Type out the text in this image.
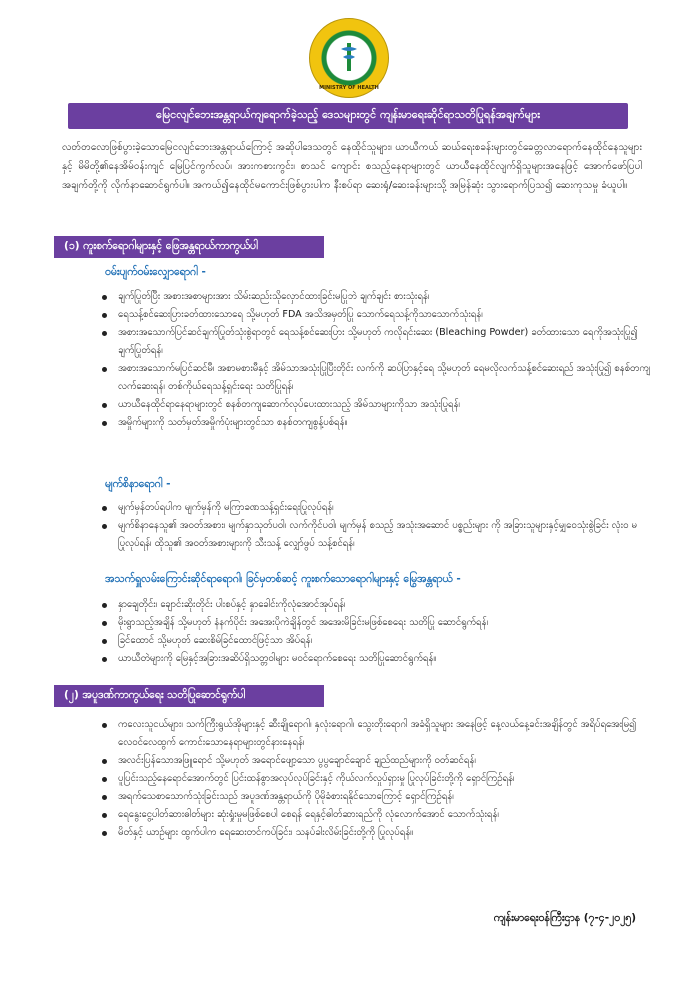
MINISTRY OF HEALTH
မြေငလျင်ဘေးအန္တရာယ်ကျရောက်ခဲ့သည့် ဒေသများတွင် ကျန်းမာရေးဆိုင်ရာသတိပြုရန်အချက်များ
လတ်တလောဖြစ်ပွားခဲ့သောမြေငလျင်ဘေးအန္တရာယ်ကြောင့် အဆိုပါဒေသတွင် နေထိုင်သူများ၊ ယာယီကယ် ဆယ်ရေးစခန်းများတွင်ခေတ္တလာရောက်နေထိုင်နေသူများနှင့် မိမိတို့၏နေအိမ်ဝန်းကျင် မြေပြင်ကွက်လပ်၊ အားကစားကွင်း၊ စာသင် ကျောင်း စသည့်နေရာများတွင် ယာယီနေထိုင်လျက်ရှိသူများအနေဖြင့် အောက်ဖော်ပြပါအချက်တို့ကို လိုက်နာဆောင်ရွက်ပါ။ အကယ်၍နေထိုင်မကောင်းဖြစ်ပွားပါက နီးစပ်ရာ ဆေးရုံ/ဆေးခန်းများသို့ အမြန်ဆုံး သွားရောက်ပြသ၍ ဆေးကုသမှု ခံယူပါ။
(၁) ကူးစက်ရောဂါများနှင့် ဖြေအန္တရာယ်ကာကွယ်ပါ
ဝမ်းပျက်ဝမ်းလျှောရောဂါ -
ချက်ပြုတ်ပြီး အစားအစာများအား သိမ်းဆည်းသိုလှောင်ထားခြင်းမပြုဘဲ ချက်ချင်း စားသုံးရန်၊
ရေသန့်စင်ဆေးပြားခတ်ထားသောရေ သို့မဟုတ် FDA အသိအမှတ်ပြု သောက်ရေသန့်ကိုသာသောက်သုံးရန်၊
အစားအသောက်ပြင်ဆင်ချက်ပြုတ်သုံးစွဲရာတွင် ရေသန့်စင်ဆေးပြား သို့မဟုတ် ကလိုရင်းဆေး (Bleaching Powder) ခတ်ထားသော ရေကိုအသုံးပြု၍ ချက်ပြုတ်ရန်၊
အစားအသောက်မပြင်ဆင်မီ၊ အစာမစားမီနှင့် အိမ်သာအသုံးပြုပြီးတိုင်း လက်ကို ဆပ်ပြာနှင့်ရေ သို့မဟုတ် ရေမလိုလက်သန့်စင်ဆေးရည် အသုံးပြု၍ စနစ်တကျလက်ဆေးရန်၊ တစ်ကိုယ်ရေသန့်ရှင်းရေး သတိပြုရန်၊
ယာယီနေထိုင်ရာနေရာများတွင် စနစ်တကျဆောက်လုပ်ပေးထားသည့် အိမ်သာများကိုသာ အသုံးပြုရန်၊
အမှိုက်များကို သတ်မှတ်အမှိုက်ပုံးများတွင်သာ စနစ်တကျစွန့်ပစ်ရန်။
မျက်စိနာရောဂါ -
မျက်မှန်တပ်ရပါက မျက်မှန်ကို မကြာခဏသန့်ရှင်းရေးပြုလုပ်ရန်၊
မျက်စိနာနေသူ၏ အဝတ်အစား၊ မျက်နှာသုတ်ပဝါ၊ လက်ကိုင်ပဝါ၊ မျက်မှန် စသည့် အသုံးအဆောင် ပစ္စည်းများ ကို အခြားသူများနှင့်မျှဝေသုံးစွဲခြင်း လုံးဝ မပြုလုပ်ရန်၊ ထိုသူ၏ အဝတ်အစားများကို သီးသန့် လျှော်ဖွပ် သန့်စင်ရန်၊
အသက်ရှူလမ်းကြောင်းဆိုင်ရာရောဂါ၊ ခြင်မှတစ်ဆင့် ကူးစက်သောရောဂါများနှင့် မြွေအန္တရာယ် -
နှာချေတိုင်း၊ ချောင်းဆိုးတိုင်း ပါးစပ်နှင့် နှာခေါင်းကိုလုံအောင်အုပ်ရန်၊
မိုးရွာသည့်အချိန် သို့မဟုတ် နံနက်ပိုင်း အအေးပိုကဲချိန်တွင် အအေးမိခြင်းမဖြစ်စေရေး သတိပြု ဆောင်ရွက်ရန်၊
ခြင်ထောင် သို့မဟုတ် ဆေးစိမ်ခြင်ထောင်ဖြင့်သာ အိပ်ရန်၊
ယာယီတဲများကို မြေနှင့်အခြားအဆိပ်ရှိသတ္တဝါများ မဝင်ရောက်စေရေး သတိပြုဆောင်ရွက်ရန်။
(၂) အပူဒဏ်ကာကွယ်ရေး သတိပြုဆောင်ရွက်ပါ
ကလေးသူငယ်များ၊ သက်ကြီးရွယ်အိုများနှင့် ဆီးချိုရောဂါ၊ နှလုံးရောဂါ၊ သွေးတိုးရောဂါ အခံရှိသူများ အနေဖြင့် နေ့လယ်နေ့ခင်းအချိန်တွင် အရိပ်ရအေးမြ၍ လေဝင်လေထွက် ကောင်းသောနေရာများတွင်နားနေရန်၊
အလင်းပြန်သောအဖြူရောင် သို့မဟုတ် အရောင်ဖျော့သော ပွပွချောင်ချောင် ချည်ထည်များကို ဝတ်ဆင်ရန်၊
ပူပြင်းသည့်နေရောင်အောက်တွင် ပြင်းထန်စွာအလုပ်လုပ်ခြင်းနှင့် ကိုယ်လက်လှုပ်ရှားမှု ပြုလုပ်ခြင်းတို့ကို ရှောင်ကြဉ်ရန်၊
အရက်သေစာသောက်သုံးခြင်းသည် အပူဒဏ်အန္တရာယ်ကို ပိုမိုခံစားရနိုင်သောကြောင့် ရှောင်ကြဉ်ရန်၊
ရေနွေးငွေ့ပါတ်ဆားဓါတ်များ ဆုံးရှုံးမှုမဖြစ်စေပါ စေရန် ရေနှင့်ဓါတ်ဆားရည်ကို လုံလောက်အောင် သောက်သုံးရန်၊
မိတ်နှင့် ယာဉ်များ ထွက်ပါက ရေဆေးတင်ကပ်ခြင်း၊ သနပ်ခါးလိမ်းခြင်းတို့ကို ပြုလုပ်ရန်။
ကျန်းမာရေးဝန်ကြီးဌာန (၇-၄-၂၀၂၅)
